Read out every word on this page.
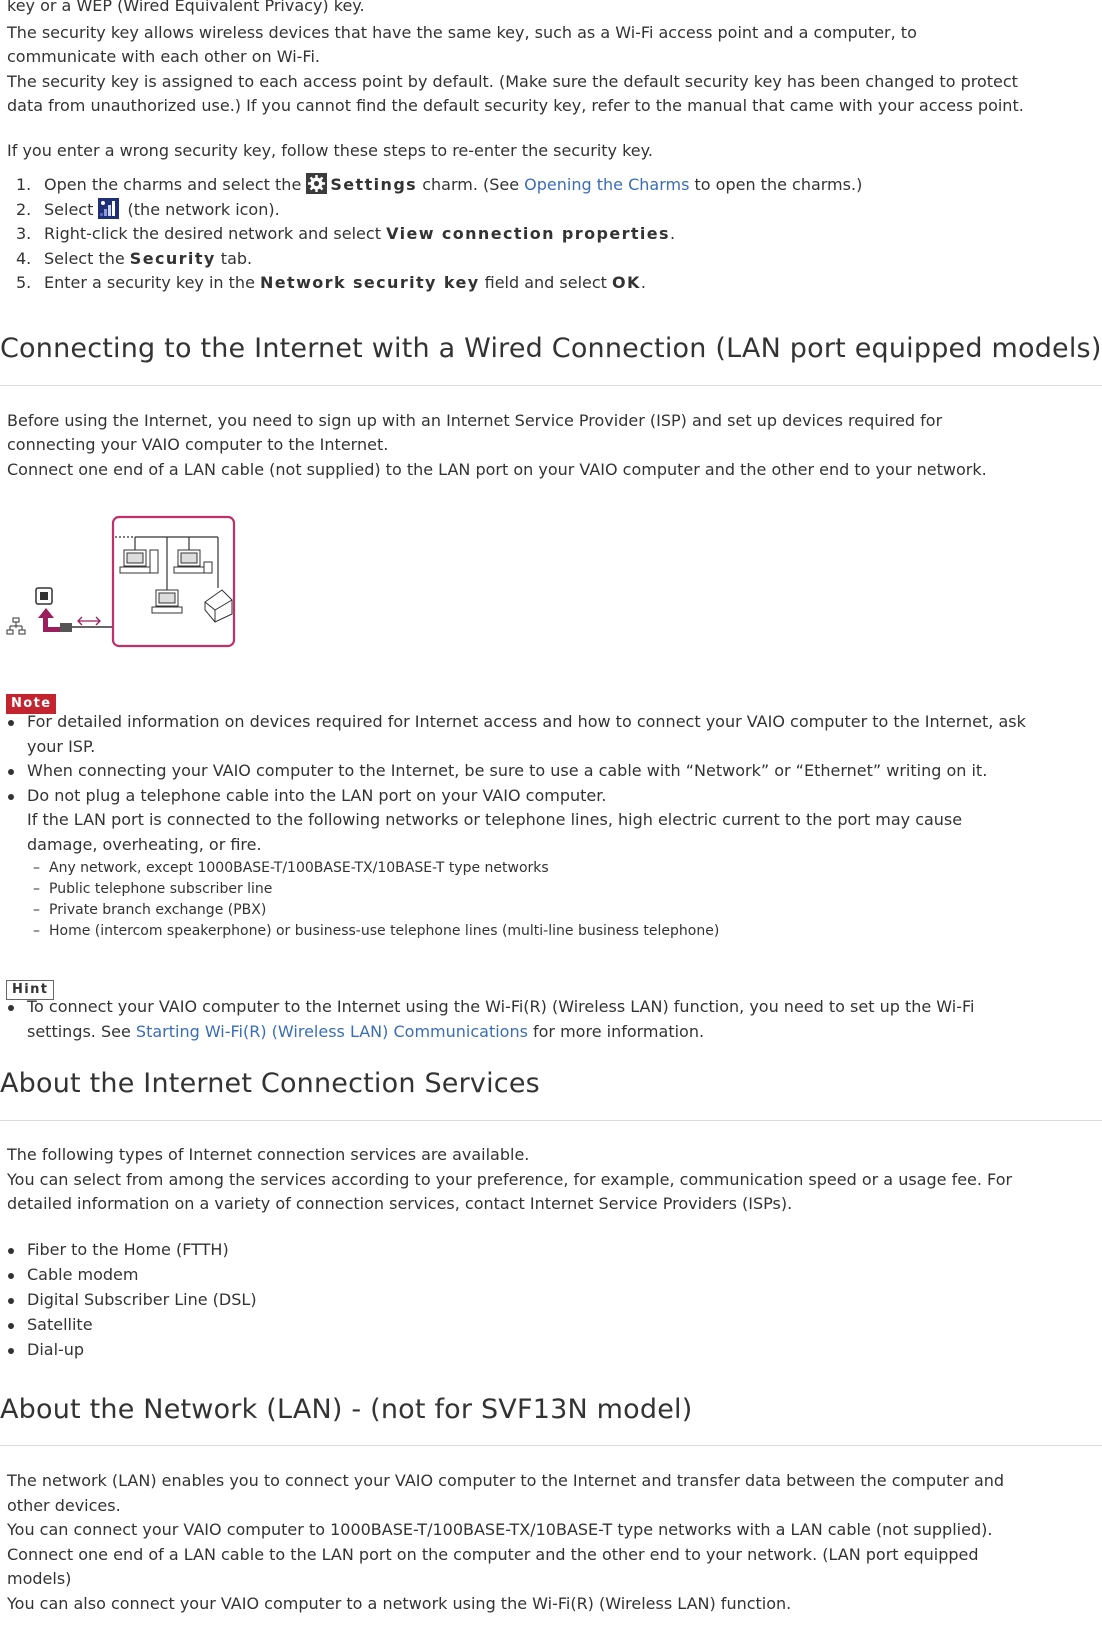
key or a WEP (Wired Equivalent Privacy) key.

The security key allows wireless devices that have the same key, such as a Wi-Fi access point and a computer, to

communicate with each other on Wi-Fi.

The security key is assigned to each access point by default. (Make sure the default security key has been changed to protect

data from unauthorized use.) If you cannot find the default security key, refer to the manual that came with your access point.

If you enter a wrong security key, follow these steps to re-enter the security key.

1. Open the charms and select the Settings charm. (See Opening the Charms to open the charms.)
2. Select  (the network icon).
3. Right-click the desired network and select View connection properties.
4. Select the Security tab.
5. Enter a security key in the Network security key field and select OK.
Connecting to the Internet with a Wired Connection (LAN port equipped models)

Before using the Internet, you need to sign up with an Internet Service Provider (ISP) and set up devices required for

connecting your VAIO computer to the Internet.

Connect one end of a LAN cable (not supplied) to the LAN port on your VAIO computer and the other end to your network.

Note
For detailed information on devices required for Internet access and how to connect your VAIO computer to the Internet, ask
your ISP.
When connecting your VAIO computer to the Internet, be sure to use a cable with “Network” or “Ethernet” writing on it.
Do not plug a telephone cable into the LAN port on your VAIO computer.
If the LAN port is connected to the following networks or telephone lines, high electric current to the port may cause
damage, overheating, or fire.
– Any network, except 1000BASE-T/100BASE-TX/10BASE-T type networks
– Public telephone subscriber line
– Private branch exchange (PBX)
– Home (intercom speakerphone) or business-use telephone lines (multi-line business telephone)
Hint
To connect your VAIO computer to the Internet using the Wi-Fi(R) (Wireless LAN) function, you need to set up the Wi-Fi
settings. See Starting Wi-Fi(R) (Wireless LAN) Communications for more information.
About the Internet Connection Services

The following types of Internet connection services are available.

You can select from among the services according to your preference, for example, communication speed or a usage fee. For

detailed information on a variety of connection services, contact Internet Service Providers (ISPs).

Fiber to the Home (FTTH)
Cable modem
Digital Subscriber Line (DSL)
Satellite
Dial-up
About the Network (LAN) - (not for SVF13N model)

The network (LAN) enables you to connect your VAIO computer to the Internet and transfer data between the computer and

other devices.

You can connect your VAIO computer to 1000BASE-T/100BASE-TX/10BASE-T type networks with a LAN cable (not supplied).

Connect one end of a LAN cable to the LAN port on the computer and the other end to your network. (LAN port equipped

models)

You can also connect your VAIO computer to a network using the Wi-Fi(R) (Wireless LAN) function.
